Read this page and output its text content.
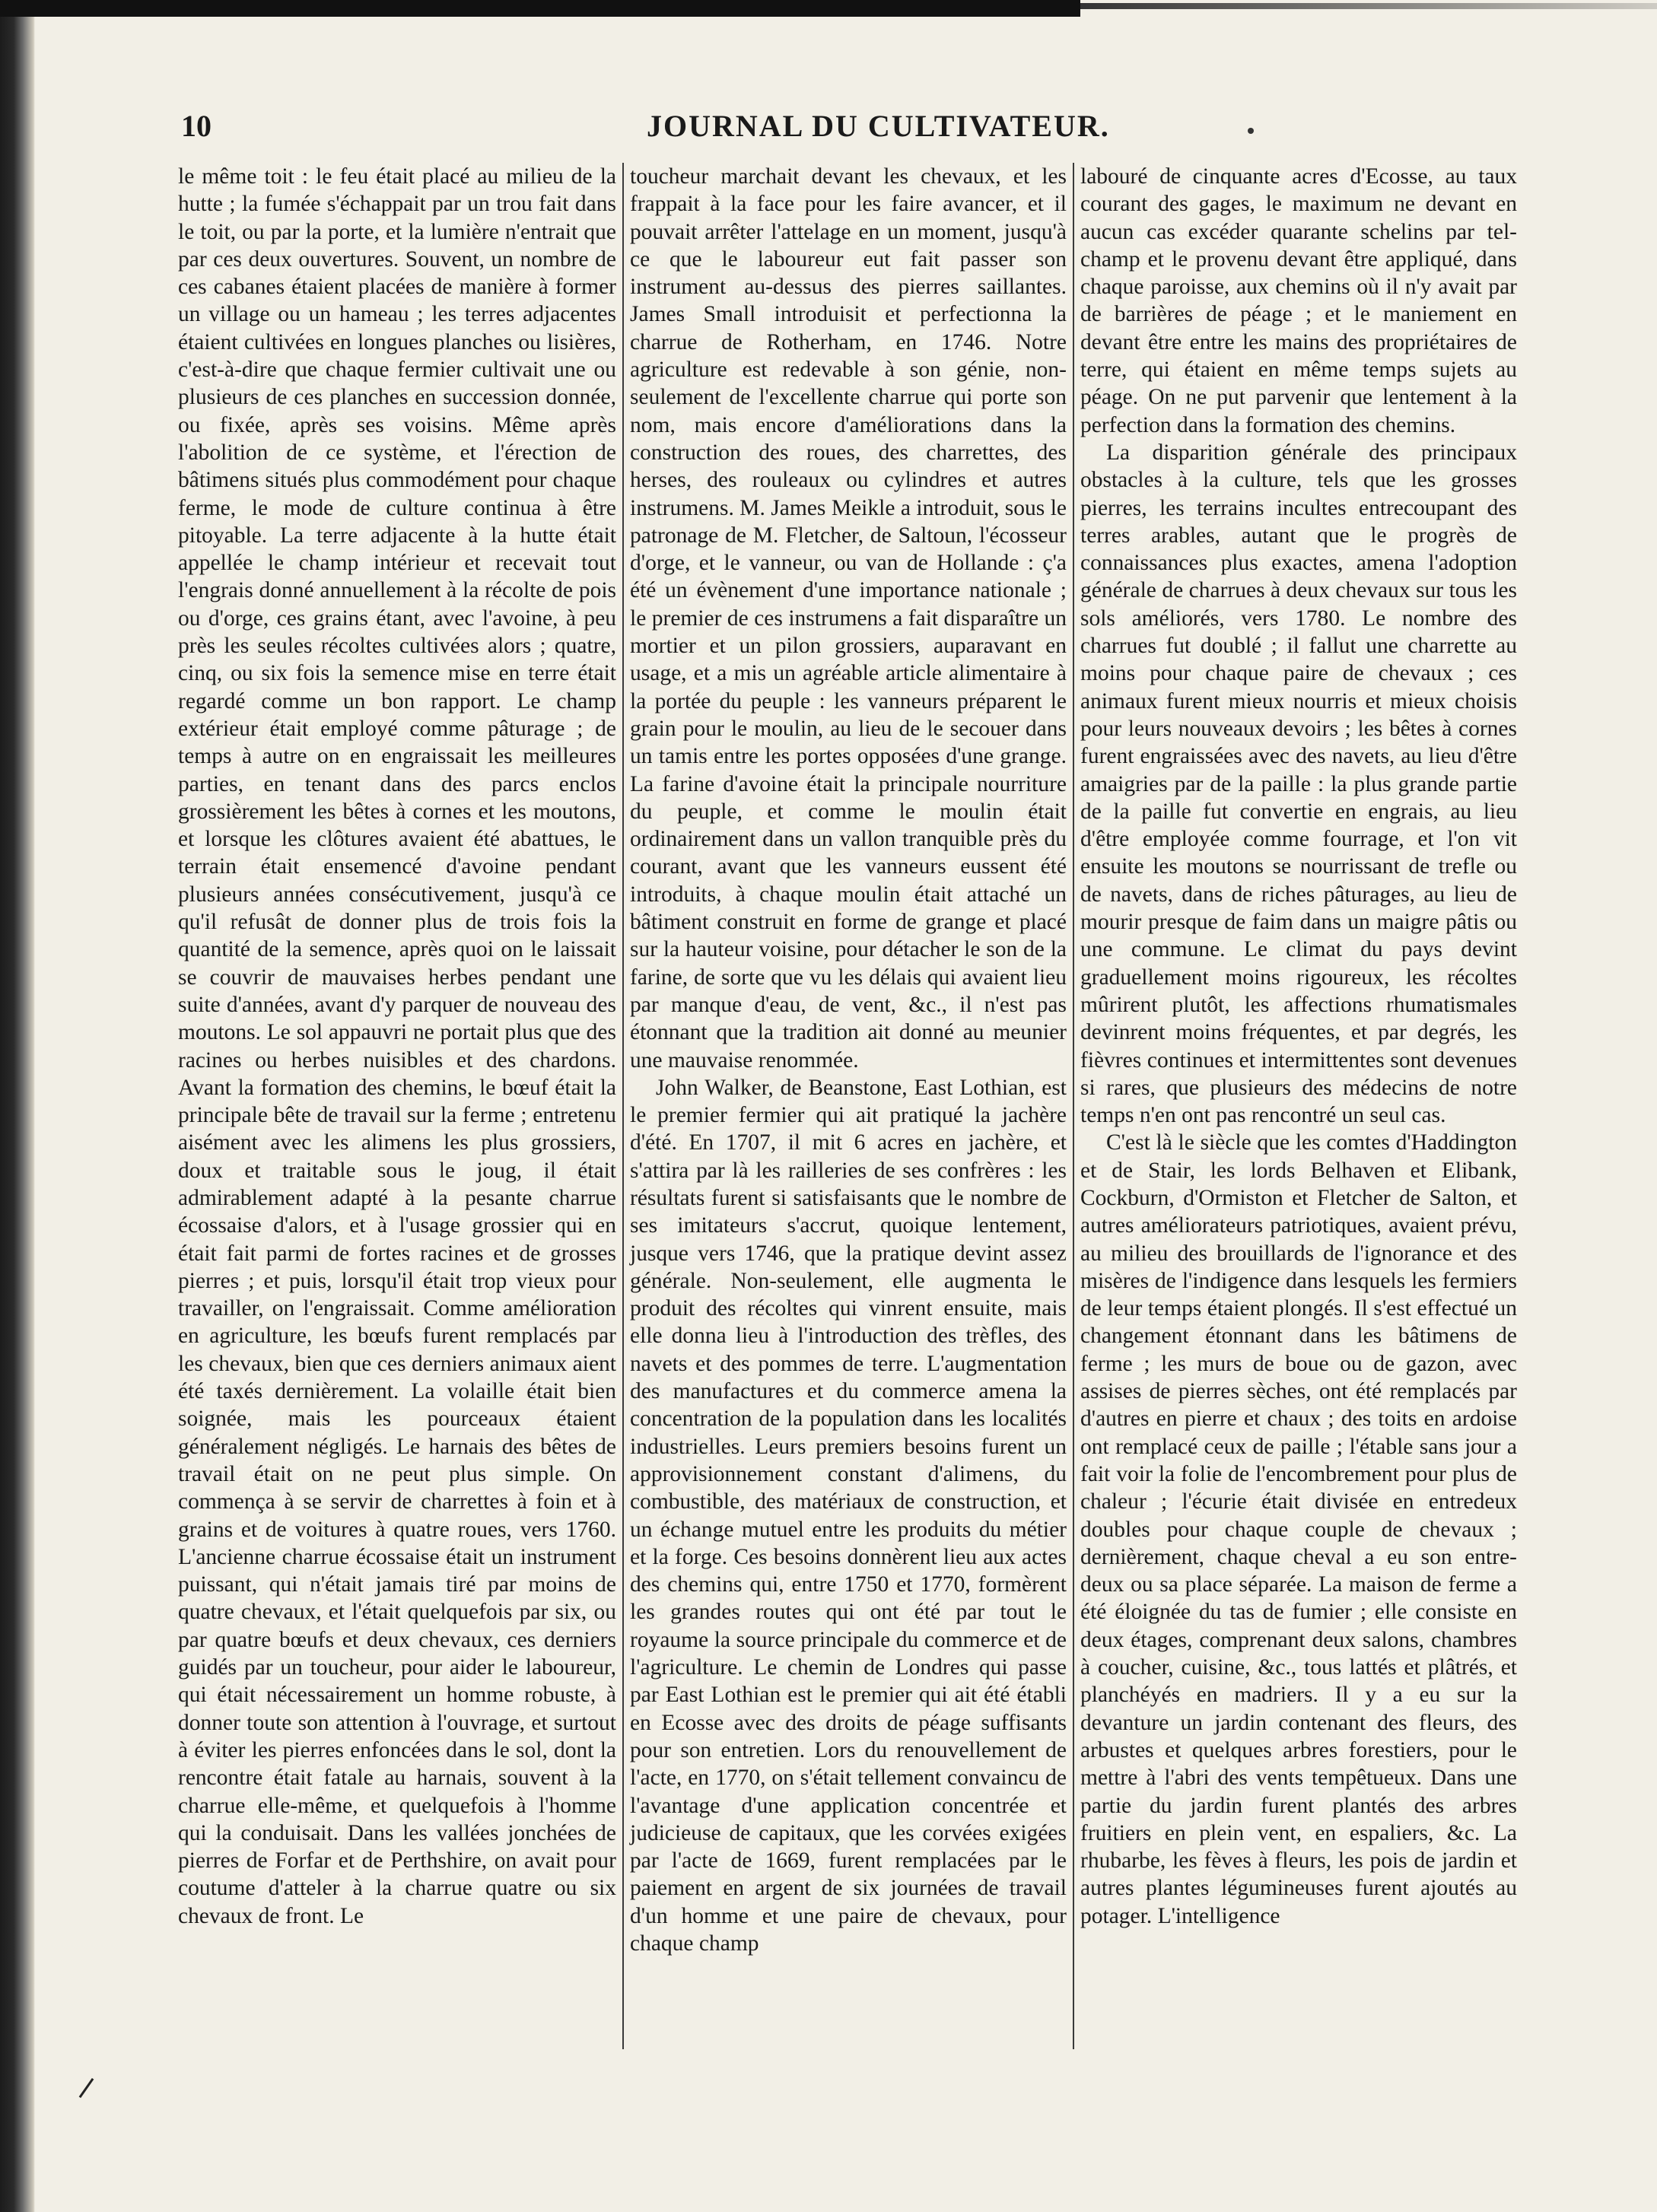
10	JOURNAL DU CULTIVATEUR.

le même toit : le feu était placé au milieu de la hutte ; la fumée s'échappait par un trou fait dans le toit, ou par la porte, et la lumière n'entrait que par ces deux ouvertures. Souvent, un nombre de ces cabanes étaient placées de manière à former un village ou un hameau ; les terres adjacentes étaient cultivées en longues planches ou lisières, c'est-à-dire que chaque fermier cultivait une ou plusieurs de ces planches en succession donnée, ou fixée, après ses voisins. Même après l'abolition de ce système, et l'érection de bâtimens situés plus commodément pour chaque ferme, le mode de culture continua à être pitoyable. La terre adjacente à la hutte était appellée le champ intérieur et recevait tout l'engrais donné annuellement à la récolte de pois ou d'orge, ces grains étant, avec l'avoine, à peu près les seules récoltes cultivées alors ; quatre, cinq, ou six fois la semence mise en terre était regardé comme un bon rapport. Le champ extérieur était employé comme pâturage ; de temps à autre on en engraissait les meilleures parties, en tenant dans des parcs enclos grossièrement les bêtes à cornes et les moutons, et lorsque les clôtures avaient été abattues, le terrain était ensemencé d'avoine pendant plusieurs années consécutivement, jusqu'à ce qu'il refusât de donner plus de trois fois la quantité de la semence, après quoi on le laissait se couvrir de mauvaises herbes pendant une suite d'années, avant d'y parquer de nouveau des moutons. Le sol appauvri ne portait plus que des racines ou herbes nuisibles et des chardons. Avant la formation des chemins, le bœuf était la principale bête de travail sur la ferme ; entretenu aisément avec les alimens les plus grossiers, doux et traitable sous le joug, il était admirablement adapté à la pesante charrue écossaise d'alors, et à l'usage grossier qui en était fait parmi de fortes racines et de grosses pierres ; et puis, lorsqu'il était trop vieux pour travailler, on l'engraissait. Comme amélioration en agriculture, les bœufs furent remplacés par les chevaux, bien que ces derniers animaux aient été taxés dernièrement. La volaille était bien soignée, mais les pourceaux étaient généralement négligés. Le harnais des bêtes de travail était on ne peut plus simple. On commença à se servir de charrettes à foin et à grains et de voitures à quatre roues, vers 1760. L'ancienne charrue écossaise était un instrument puissant, qui n'était jamais tiré par moins de quatre chevaux, et l'était quelquefois par six, ou par quatre bœufs et deux chevaux, ces derniers guidés par un toucheur, pour aider le laboureur, qui était nécessairement un homme robuste, à donner toute son attention à l'ouvrage, et surtout à éviter les pierres enfoncées dans le sol, dont la rencontre était fatale au harnais, souvent à la charrue elle-même, et quelquefois à l'homme qui la conduisait. Dans les vallées jonchées de pierres de Forfar et de Perthshire, on avait pour coutume d'atteler à la charrue quatre ou six chevaux de front. Le

toucheur marchait devant les chevaux, et les frappait à la face pour les faire avancer, et il pouvait arrêter l'attelage en un moment, jusqu'à ce que le laboureur eut fait passer son instrument au-dessus des pierres saillantes. James Small introduisit et perfectionna la charrue de Rotherham, en 1746. Notre agriculture est redevable à son génie, non-seulement de l'excellente charrue qui porte son nom, mais encore d'améliorations dans la construction des roues, des charrettes, des herses, des rouleaux ou cylindres et autres instrumens. M. James Meikle a introduit, sous le patronage de M. Fletcher, de Saltoun, l'écosseur d'orge, et le vanneur, ou van de Hollande : ç'a été un évènement d'une importance nationale ; le premier de ces instrumens a fait disparaître un mortier et un pilon grossiers, auparavant en usage, et a mis un agréable article alimentaire à la portée du peuple : les vanneurs préparent le grain pour le moulin, au lieu de le secouer dans un tamis entre les portes opposées d'une grange. La farine d'avoine était la principale nourriture du peuple, et comme le moulin était ordinairement dans un vallon tranquible près du courant, avant que les vanneurs eussent été introduits, à chaque moulin était attaché un bâtiment construit en forme de grange et placé sur la hauteur voisine, pour détacher le son de la farine, de sorte que vu les délais qui avaient lieu par manque d'eau, de vent, &c., il n'est pas étonnant que la tradition ait donné au meunier une mauvaise renommée.

John Walker, de Beanstone, East Lothian, est le premier fermier qui ait pratiqué la jachère d'été. En 1707, il mit 6 acres en jachère, et s'attira par là les railleries de ses confrères : les résultats furent si satisfaisants que le nombre de ses imitateurs s'accrut, quoique lentement, jusque vers 1746, que la pratique devint assez générale. Non-seulement, elle augmenta le produit des récoltes qui vinrent ensuite, mais elle donna lieu à l'introduction des trèfles, des navets et des pommes de terre. L'augmentation des manufactures et du commerce amena la concentration de la population dans les localités industrielles. Leurs premiers besoins furent un approvisionnement constant d'alimens, du combustible, des matériaux de construction, et un échange mutuel entre les produits du métier et la forge. Ces besoins donnèrent lieu aux actes des chemins qui, entre 1750 et 1770, formèrent les grandes routes qui ont été par tout le royaume la source principale du commerce et de l'agriculture. Le chemin de Londres qui passe par East Lothian est le premier qui ait été établi en Ecosse avec des droits de péage suffisants pour son entretien. Lors du renouvellement de l'acte, en 1770, on s'était tellement convaincu de l'avantage d'une application concentrée et judicieuse de capitaux, que les corvées exigées par l'acte de 1669, furent remplacées par le paiement en argent de six journées de travail d'un homme et une paire de chevaux, pour chaque champ

labouré de cinquante acres d'Ecosse, au taux courant des gages, le maximum ne devant en aucun cas excéder quarante schelins par tel-champ et le provenu devant être appliqué, dans chaque paroisse, aux chemins où il n'y avait par de barrières de péage ; et le maniement en devant être entre les mains des propriétaires de terre, qui étaient en même temps sujets au péage. On ne put parvenir que lentement à la perfection dans la formation des chemins.

La disparition générale des principaux obstacles à la culture, tels que les grosses pierres, les terrains incultes entrecoupant des terres arables, autant que le progrès de connaissances plus exactes, amena l'adoption générale de charrues à deux chevaux sur tous les sols améliorés, vers 1780. Le nombre des charrues fut doublé ; il fallut une charrette au moins pour chaque paire de chevaux ; ces animaux furent mieux nourris et mieux choisis pour leurs nouveaux devoirs ; les bêtes à cornes furent engraissées avec des navets, au lieu d'être amaigries par de la paille : la plus grande partie de la paille fut convertie en engrais, au lieu d'être employée comme fourrage, et l'on vit ensuite les moutons se nourrissant de trefle ou de navets, dans de riches pâturages, au lieu de mourir presque de faim dans un maigre pâtis ou une commune. Le climat du pays devint graduellement moins rigoureux, les récoltes mûrirent plutôt, les affections rhumatismales devinrent moins fréquentes, et par degrés, les fièvres continues et intermittentes sont devenues si rares, que plusieurs des médecins de notre temps n'en ont pas rencontré un seul cas.

C'est là le siècle que les comtes d'Haddington et de Stair, les lords Belhaven et Elibank, Cockburn, d'Ormiston et Fletcher de Salton, et autres améliorateurs patriotiques, avaient prévu, au milieu des brouillards de l'ignorance et des misères de l'indigence dans lesquels les fermiers de leur temps étaient plongés. Il s'est effectué un changement étonnant dans les bâtimens de ferme ; les murs de boue ou de gazon, avec assises de pierres sèches, ont été remplacés par d'autres en pierre et chaux ; des toits en ardoise ont remplacé ceux de paille ; l'étable sans jour a fait voir la folie de l'encombrement pour plus de chaleur ; l'écurie était divisée en entredeux doubles pour chaque couple de chevaux ; dernièrement, chaque cheval a eu son entre-deux ou sa place séparée. La maison de ferme a été éloignée du tas de fumier ; elle consiste en deux étages, comprenant deux salons, chambres à coucher, cuisine, &c., tous lattés et plâtrés, et planchéyés en madriers. Il y a eu sur la devanture un jardin contenant des fleurs, des arbustes et quelques arbres forestiers, pour le mettre à l'abri des vents tempêtueux. Dans une partie du jardin furent plantés des arbres fruitiers en plein vent, en espaliers, &c. La rhubarbe, les fèves à fleurs, les pois de jardin et autres plantes légumineuses furent ajoutés au potager. L'intelligence
